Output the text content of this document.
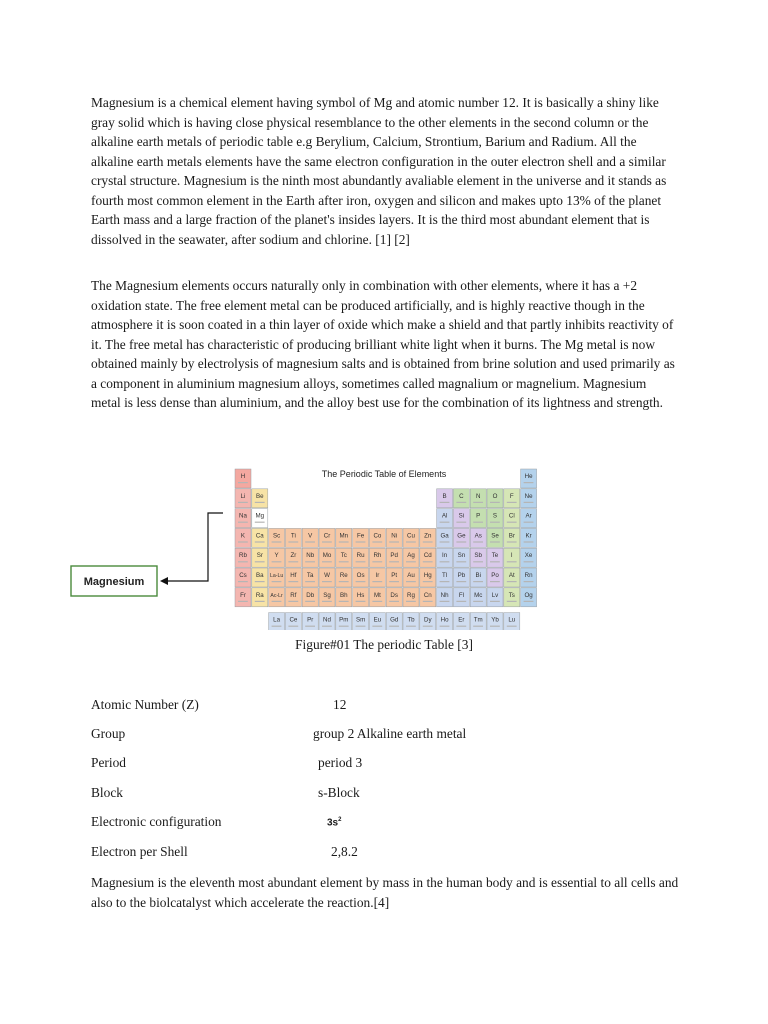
Magnesium is a chemical element having symbol of Mg and atomic number 12. It is basically a shiny like gray solid which is having close physical resemblance to the other elements in the second column or the alkaline earth metals of periodic table e.g Berylium, Calcium, Strontium, Barium and Radium. All the alkaline earth metals elements have the same electron configuration in the outer electron shell and a similar crystal structure. Magnesium is the ninth most abundantly avaliable element in the universe and it stands as fourth most common element in the Earth after iron, oxygen and silicon and makes upto 13% of the planet Earth mass and a large fraction of the planet's insides layers. It is the third most abundant element that is dissolved in the seawater, after sodium and chlorine. [1] [2]

The Magnesium elements occurs naturally only in combination with other elements, where it has a +2 oxidation state. The free element metal can be produced artificially, and is highly reactive though in the atmosphere it is soon coated in a thin layer of oxide which make a shield and that partly inhibits reactivity of it. The free metal has characteristic of producing brilliant white light when it burns. The Mg metal is now obtained mainly by electrolysis of magnesium salts and is obtained from brine solution and used primarily as a component in aluminium magnesium alloys, sometimes called magnalium or magnelium. Magnesium metal is less dense than aluminium, and the alloy best use for the combination of its lightness and strength.

The Periodic Table of Elements
H	He
Li Be	B C N O F Ne
Na Mg	Al Si P S Cl Ar
K Ca Sc Ti V Cr Mn Fe Co Ni Cu Zn Ga Ge As Se Br Kr
Rb Sr Y Zr Nb Mo Tc Ru Rh Pd Ag Cd In Sn Sb Te I Xe
Cs Ba La-Lu Hf Ta W Re Os Ir Pt Au Hg Tl Pb Bi Po At Rn
Fr Ra Ac-Lr Rf Db Sg Bh Hs Mt Ds Rg Cn Nh Fl Mc Lv Ts Og
La Ce Pr Nd Pm Sm Eu Gd Tb Dy Ho Er Tm Yb Lu
Magnesium

Figure#01 The periodic Table [3]

Atomic Number (Z)	12
Group	group 2 Alkaline earth metal
Period	period 3
Block	s-Block
Electronic configuration	$3s^2$
Electron per Shell	2,8.2

Magnesium is the eleventh most abundant element by mass in the human body and is essential to all cells and also to the biolcatalyst which accelerate the reaction.[4]
